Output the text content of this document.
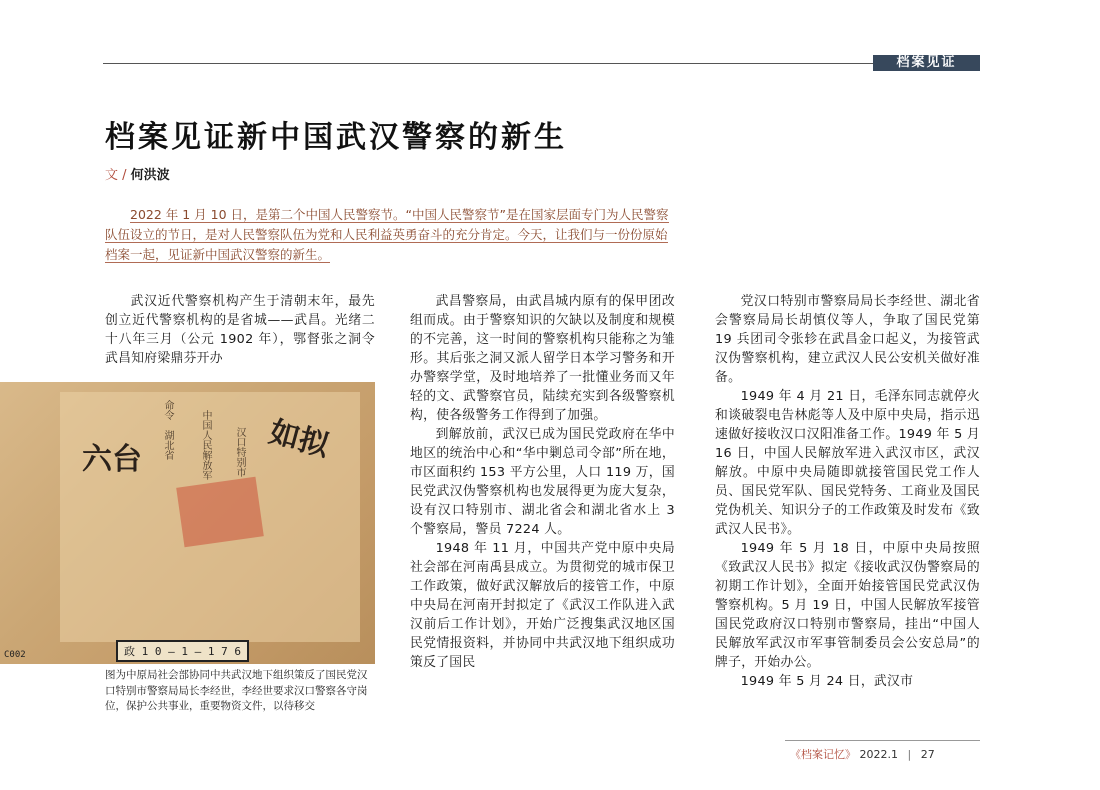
档案见证
档案见证新中国武汉警察的新生
文 / 何洪波

2022 年 1 月 10 日，是第二个中国人民警察节。“中国人民警察节”是在国家层面专门为人民警察队伍设立的节日，是对人民警察队伍为党和人民利益英勇奋斗的充分肯定。今天，让我们与一份份原始档案一起，见证新中国武汉警察的新生。

武汉近代警察机构产生于清朝末年，最先创立近代警察机构的是省城——武昌。光绪二十八年三月（公元 1902 年），鄂督张之洞令武昌知府梁鼎芬开办

六台	如拟
命令　湖北省	中国人民解放军 汉口特别市
政 1 0 — 1 — 1 7 6
C002
图为中原局社会部协同中共武汉地下组织策反了国民党汉口特别市警察局局长李经世，李经世要求汉口警察各守岗位，保护公共事业，重要物资文件，以待移交

武昌警察局，由武昌城内原有的保甲团改组而成。由于警察知识的欠缺以及制度和规模的不完善，这一时间的警察机构只能称之为雏形。其后张之洞又派人留学日本学习警务和开办警察学堂，及时地培养了一批懂业务而又年轻的文、武警察官员，陆续充实到各级警察机构，使各级警务工作得到了加强。

到解放前，武汉已成为国民党政府在华中地区的统治中心和“华中剿总司令部”所在地，市区面积约 153 平方公里，人口 119 万，国民党武汉伪警察机构也发展得更为庞大复杂，设有汉口特别市、湖北省会和湖北省水上 3 个警察局，警员 7224 人。

1948 年 11 月，中国共产党中原中央局社会部在河南禹县成立。为贯彻党的城市保卫工作政策，做好武汉解放后的接管工作，中原中央局在河南开封拟定了《武汉工作队进入武汉前后工作计划》，开始广泛搜集武汉地区国民党情报资料，并协同中共武汉地下组织成功策反了国民

党汉口特别市警察局局长李经世、湖北省会警察局局长胡慎仪等人，争取了国民党第 19 兵团司令张轸在武昌金口起义，为接管武汉伪警察机构，建立武汉人民公安机关做好准备。

1949 年 4 月 21 日，毛泽东同志就停火和谈破裂电告林彪等人及中原中央局，指示迅速做好接收汉口汉阳准备工作。1949 年 5 月 16 日，中国人民解放军进入武汉市区，武汉解放。中原中央局随即就接管国民党工作人员、国民党军队、国民党特务、工商业及国民党伪机关、知识分子的工作政策及时发布《致武汉人民书》。

1949 年 5 月 18 日，中原中央局按照《致武汉人民书》拟定《接收武汉伪警察局的初期工作计划》，全面开始接管国民党武汉伪警察机构。5 月 19 日，中国人民解放军接管国民党政府汉口特别市警察局，挂出“中国人民解放军武汉市军事管制委员会公安总局”的牌子，开始办公。

1949 年 5 月 24 日，武汉市

《档案记忆》 2022.1 | 27
